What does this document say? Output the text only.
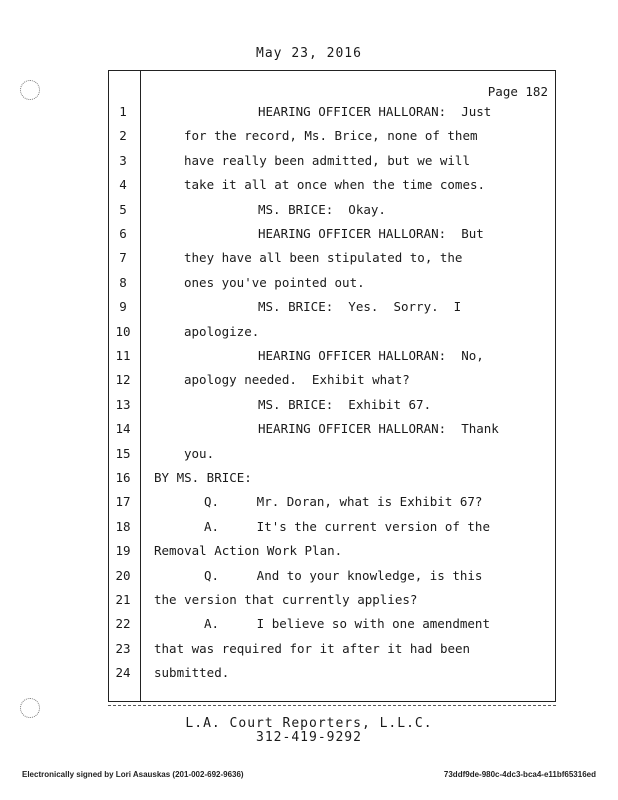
May 23, 2016
Page 182
1	HEARING OFFICER HALLORAN:  Just
2	for the record, Ms. Brice, none of them
3	have really been admitted, but we will
4	take it all at once when the time comes.
5	MS. BRICE:  Okay.
6	HEARING OFFICER HALLORAN:  But
7	they have all been stipulated to, the
8	ones you've pointed out.
9	MS. BRICE:  Yes.  Sorry.  I
10	apologize.
11	HEARING OFFICER HALLORAN:  No,
12	apology needed.  Exhibit what?
13	MS. BRICE:  Exhibit 67.
14	HEARING OFFICER HALLORAN:  Thank
15	you.
16	BY MS. BRICE:
17	Q.     Mr. Doran, what is Exhibit 67?
18	A.     It's the current version of the
19	Removal Action Work Plan.
20	Q.     And to your knowledge, is this
21	the version that currently applies?
22	A.     I believe so with one amendment
23	that was required for it after it had been
24	submitted.
L.A. Court Reporters, L.L.C.
312-419-9292
Electronically signed by Lori Asauskas (201-002-692-9636)	73ddf9de-980c-4dc3-bca4-e11bf65316ed
